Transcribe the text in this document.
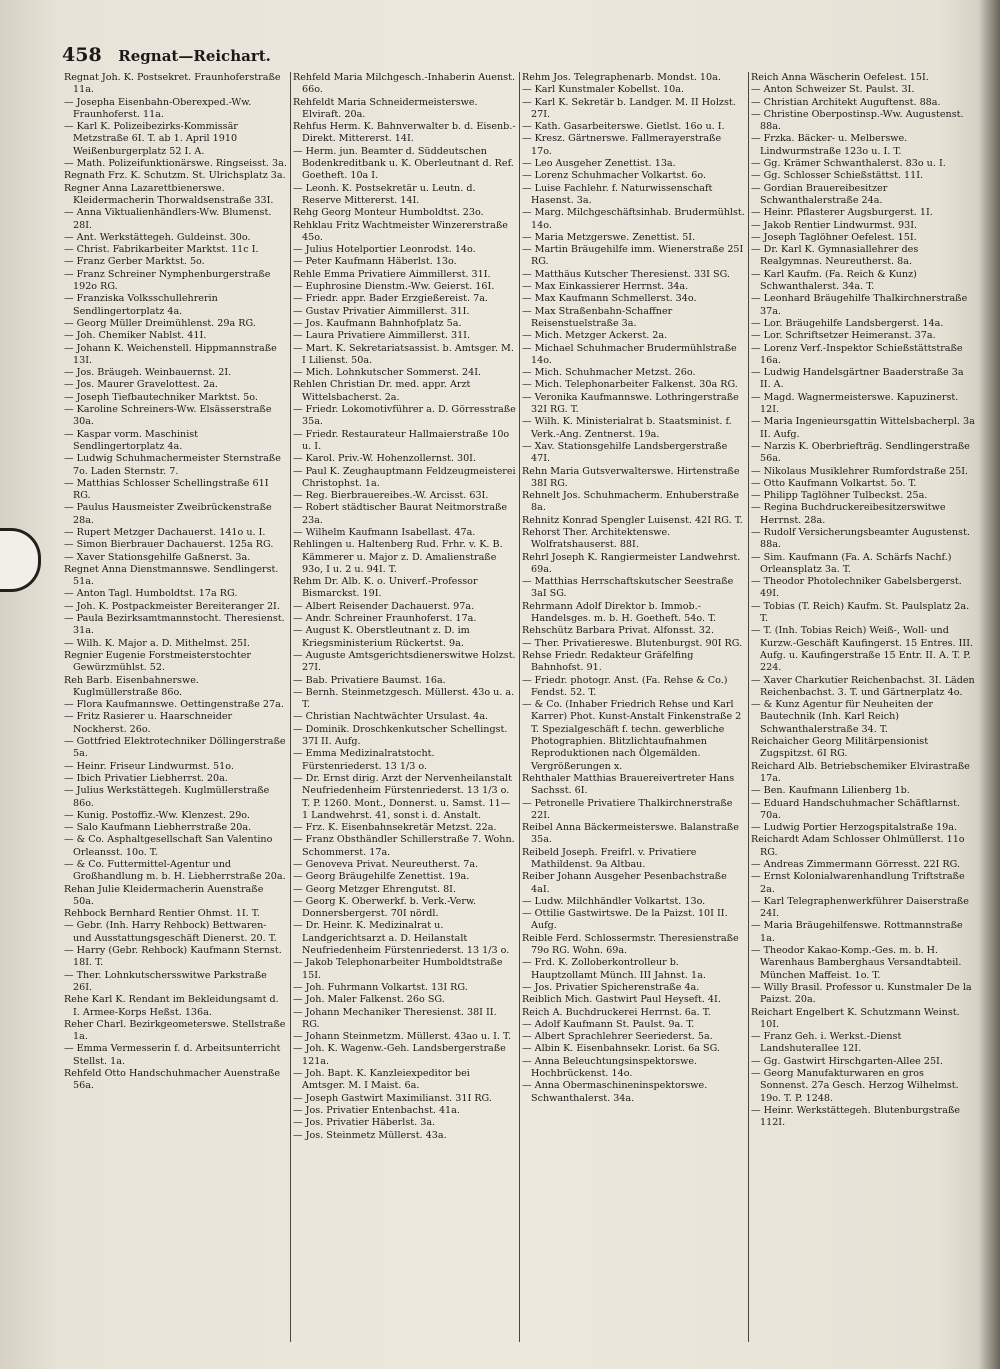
458 Regnat—Reichart.

Regnat Joh. K. Postsekret. Fraunhoferstraße 11a.

— Josepha Eisenbahn-Oberexped.-Ww. Fraunhoferst. 11a.

— Karl K. Polizeibezirks-Kommissär Metzstraße 6I. T. ab 1. April 1910 Weißenburgerplatz 52 I. A.

— Math. Polizeifunktionärswe. Ringseisst. 3a.

Regnath Frz. K. Schutzm. St. Ulrichsplatz 3a.

Regner Anna Lazarettbienerswe. Kleidermacherin Thorwaldsenstraße 33I.

— Anna Viktualienhändlers-Ww. Blumenst. 28I.

— Ant. Werkstättegeh. Guldeinst. 30o.

— Christ. Fabrikarbeiter Marktst. 11c I.

— Franz Gerber Marktst. 5o.

— Franz Schreiner Nymphenburgerstraße 192o RG.

— Franziska Volksschullehrerin Sendlingertorplatz 4a.

— Georg Müller Dreimühlenst. 29a RG.

— Joh. Chemiker Nablst. 41I.

— Johann K. Weichenstell. Hippmannstraße 13I.

— Jos. Bräugeh. Weinbauernst. 2I.

— Jos. Maurer Gravelottest. 2a.

— Joseph Tiefbautechniker Marktst. 5o.

— Karoline Schreiners-Ww. Elsässerstraße 30a.

— Kaspar vorm. Maschinist Sendlingertorplatz 4a.

— Ludwig Schuhmachermeister Sternstraße 7o. Laden Sternstr. 7.

— Matthias Schlosser Schellingstraße 61I RG.

— Paulus Hausmeister Zweibrückenstraße 28a.

— Rupert Metzger Dachauerst. 141o u. I.

— Simon Bierbrauer Dachauerst. 125a RG.

— Xaver Stationsgehilfe Gaßnerst. 3a.

Regnet Anna Dienstmannswe. Sendlingerst. 51a.

— Anton Tagl. Humboldtst. 17a RG.

— Joh. K. Postpackmeister Bereiteranger 2I.

— Paula Bezirksamtmannstocht. Theresienst. 31a.

— Wilh. K. Major a. D. Mithelmst. 25I.

Regnier Eugenie Forstmeisterstochter Gewürzmühlst. 52.

Reh Barb. Eisenbahnerswe. Kuglmüllerstraße 86o.

— Flora Kaufmannswe. Oettingenstraße 27a.

— Fritz Rasierer u. Haarschneider Nockherst. 26o.

— Gottfried Elektrotechniker Döllingerstraße 5a.

— Heinr. Friseur Lindwurmst. 51o.

— Ibich Privatier Liebherrst. 20a.

— Julius Werkstättegeh. Kuglmüllerstraße 86o.

— Kunig. Postoffiz.-Ww. Klenzest. 29o.

— Salo Kaufmann Liebherrstraße 20a.

— & Co. Asphaltgesellschaft San Valentino Orleansst. 10o. T.

— & Co. Futtermittel-Agentur und Großhandlung m. b. H. Liebherrstraße 20a.

Rehan Julie Kleidermacherin Auenstraße 50a.

Rehbock Bernhard Rentier Ohmst. 1I. T.

— Gebr. (Inh. Harry Rehbock) Bettwaren- und Ausstattungsgeschäft Dienerst. 20. T.

— Harry (Gebr. Rehbock) Kaufmann Sternst. 18I. T.

— Ther. Lohnkutschersswitwe Parkstraße 26I.

Rehe Karl K. Rendant im Bekleidungsamt d. I. Armee-Korps Heßst. 136a.

Reher Charl. Bezirkgeometerswe. Stellstraße 1a.

— Emma Vermesserin f. d. Arbeitsunterricht Stellst. 1a.

Rehfeld Otto Handschuhmacher Auenstraße 56a.

Rehfeld Maria Milchgesch.-Inhaberin Auenst. 66o.

Rehfeldt Maria Schneidermeisterswe. Elviraft. 20a.

Rehfus Herm. K. Bahnverwalter b. d. Eisenb.-Direkt. Mittererst. 14I.

— Herm. jun. Beamter d. Süddeutschen Bodenkreditbank u. K. Oberleutnant d. Ref. Goetheft. 10a I.

— Leonh. K. Postsekretär u. Leutn. d. Reserve Mittererst. 14I.

Rehg Georg Monteur Humboldtst. 23o.

Rehklau Fritz Wachtmeister Winzererstraße 45o.

— Julius Hotelportier Leonrodst. 14o.

— Peter Kaufmann Häberlst. 13o.

Rehle Emma Privatiere Aimmillerst. 31I.

— Euphrosine Dienstm.-Ww. Geierst. 16I.

— Friedr. appr. Bader Erzgießereist. 7a.

— Gustav Privatier Aimmillerst. 31I.

— Jos. Kaufmann Bahnhofplatz 5a.

— Laura Privatiere Aimmillerst. 31I.

— Mart. K. Sekretariatsassist. b. Amtsger. M. I Lilienst. 50a.

— Mich. Lohnkutscher Sommerst. 24I.

Rehlen Christian Dr. med. appr. Arzt Wittelsbacherst. 2a.

— Friedr. Lokomotivführer a. D. Görresstraße 35a.

— Friedr. Restaurateur Hallmaierstraße 10o u. I.

— Karol. Priv.-W. Hohenzollernst. 30I.

— Paul K. Zeughauptmann Feldzeugmeisterei Christophst. 1a.

— Reg. Bierbrauereibes.-W. Arcisst. 63I.

— Robert städtischer Baurat Neitmorstraße 23a.

— Wilhelm Kaufmann Isabellast. 47a.

Rehlingen u. Haltenberg Rud. Frhr. v. K. B. Kämmerer u. Major z. D. Amalienstraße 93o, I u. 2 u. 94I. T.

Rehm Dr. Alb. K. o. Univerf.-Professor Bismarckst. 19I.

— Albert Reisender Dachauerst. 97a.

— Andr. Schreiner Fraunhoferst. 17a.

— August K. Oberstleutnant z. D. im Kriegsministerium Rückertst. 9a.

— Auguste Amtsgerichtsdienerswitwe Holzst. 27I.

— Bab. Privatiere Baumst. 16a.

— Bernh. Steinmetzgesch. Müllerst. 43o u. a. T.

— Christian Nachtwächter Ursulast. 4a.

— Dominik. Droschkenkutscher Schellingst. 37I II. Aufg.

— Emma Medizinalratstocht. Fürstenriederst. 13 1/3 o.

— Dr. Ernst dirig. Arzt der Nervenheilanstalt Neufriedenheim Fürstenriederst. 13 1/3 o. T. P. 1260. Mont., Donnerst. u. Samst. 11—1 Landwehrst. 41, sonst i. d. Anstalt.

— Frz. K. Eisenbahnsekretär Metzst. 22a.

— Franz Obsthändler Schillerstraße 7. Wohn. Schommerst. 17a.

— Genoveva Privat. Neureutherst. 7a.

— Georg Bräugehilfe Zenettist. 19a.

— Georg Metzger Ehrengutst. 8I.

— Georg K. Oberwerkf. b. Verk.-Verw. Donnersbergerst. 70I nördl.

— Dr. Heinr. K. Medizinalrat u. Landgerichtsarzt a. D. Heilanstalt Neufriedenheim Fürstenriederst. 13 1/3 o.

— Jakob Telephonarbeiter Humboldtstraße 15I.

— Joh. Fuhrmann Volkartst. 13I RG.

— Joh. Maler Falkenst. 26o SG.

— Johann Mechaniker Theresienst. 38I II. RG.

— Johann Steinmetzm. Müllerst. 43ao u. I. T.

— Joh. K. Wagenw.-Geh. Landsbergerstraße 121a.

— Joh. Bapt. K. Kanzleiexpeditor bei Amtsger. M. I Maist. 6a.

— Joseph Gastwirt Maximilianst. 31I RG.

— Jos. Privatier Entenbachst. 41a.

— Jos. Privatier Häberlst. 3a.

— Jos. Steinmetz Müllerst. 43a.

Rehm Jos. Telegraphenarb. Mondst. 10a.

— Karl Kunstmaler Kobellst. 10a.

— Karl K. Sekretär b. Landger. M. II Holzst. 27I.

— Kath. Gasarbeiterswe. Gietlst. 16o u. I.

— Kresz. Gärtnerswe. Fallmerayerstraße 17o.

— Leo Ausgeher Zenettist. 13a.

— Lorenz Schuhmacher Volkartst. 6o.

— Luise Fachlehr. f. Naturwissenschaft Hasenst. 3a.

— Marg. Milchgeschäftsinhab. Brudermühlst. 14o.

— Maria Metzgerswe. Zenettist. 5I.

— Martin Bräugehilfe imm. Wienerstraße 25I RG.

— Matthäus Kutscher Theresienst. 33I SG.

— Max Einkassierer Herrnst. 34a.

— Max Kaufmann Schmellerst. 34o.

— Max Straßenbahn-Schaffner Reisenstuelstraße 3a.

— Mich. Metzger Ackerst. 2a.

— Michael Schuhmacher Brudermühlstraße 14o.

— Mich. Schuhmacher Metzst. 26o.

— Mich. Telephonarbeiter Falkenst. 30a RG.

— Veronika Kaufmannswe. Lothringerstraße 32I RG. T.

— Wilh. K. Ministerialrat b. Staatsminist. f. Verk.-Ang. Zentnerst. 19a.

— Xav. Stationsgehilfe Landsbergerstraße 47I.

Rehn Maria Gutsverwalterswe. Hirtenstraße 38I RG.

Rehnelt Jos. Schuhmacherm. Enhuberstraße 8a.

Rehnitz Konrad Spengler Luisenst. 42I RG. T.

Rehorst Ther. Architektenswe. Wolfratshauserst. 88I.

Rehrl Joseph K. Rangiermeister Landwehrst. 69a.

— Matthias Herrschaftskutscher Seestraße 3aI SG.

Rehrmann Adolf Direktor b. Immob.-Handelsges. m. b. H. Goetheft. 54o. T.

Rehschütz Barbara Privat. Alfonsst. 32.

— Ther. Privatiereswe. Blutenburgst. 90I RG.

Rehse Friedr. Redakteur Gräfelfing Bahnhofst. 91.

— Friedr. photogr. Anst. (Fa. Rehse & Co.) Fendst. 52. T.

— & Co. (Inhaber Friedrich Rehse und Karl Karrer) Phot. Kunst-Anstalt Finkenstraße 2 T. Spezialgeschäft f. techn. gewerbliche Photographien. Blitzlichtaufnahmen Reproduktionen nach Ölgemälden. Vergrößerungen x.

Rehthaler Matthias Brauereivertreter Hans Sachsst. 6I.

— Petronelle Privatiere Thalkirchnerstraße 22I.

Reibel Anna Bäckermeisterswe. Balanstraße 35a.

Reibeld Joseph. Freifrl. v. Privatiere Mathildenst. 9a Altbau.

Reiber Johann Ausgeher Pesenbachstraße 4aI.

— Ludw. Milchhändler Volkartst. 13o.

— Ottilie Gastwirtswe. De la Paizst. 10I II. Aufg.

Reible Ferd. Schlossermstr. Theresienstraße 79o RG. Wohn. 69a.

— Frd. K. Zolloberkontrolleur b. Hauptzollamt Münch. III Jahnst. 1a.

— Jos. Privatier Spicherenstraße 4a.

Reiblich Mich. Gastwirt Paul Heyseft. 4I.

Reich A. Buchdruckerei Herrnst. 6a. T.

— Adolf Kaufmann St. Paulst. 9a. T.

— Albert Sprachlehrer Seeriederst. 5a.

— Albin K. Eisenbahnsekr. Lorist. 6a SG.

— Anna Beleuchtungsinspektorswe. Hochbrückenst. 14o.

— Anna Obermaschineninspektorswe. Schwanthalerst. 34a.

Reich Anna Wäscherin Oefelest. 15I.

— Anton Schweizer St. Paulst. 3I.

— Christian Architekt Auguftenst. 88a.

— Christine Oberpostinsp.-Ww. Augustenst. 88a.

— Frzka. Bäcker- u. Melberswe. Lindwurmstraße 123o u. I. T.

— Gg. Krämer Schwanthalerst. 83o u. I.

— Gg. Schlosser Schießstättst. 11I.

— Gordian Brauereibesitzer Schwanthalerstraße 24a.

— Heinr. Pflasterer Augsburgerst. 1I.

— Jakob Rentier Lindwurmst. 93I.

— Joseph Taglöhner Oefelest. 15I.

— Dr. Karl K. Gymnasiallehrer des Realgymnas. Neureutherst. 8a.

— Karl Kaufm. (Fa. Reich & Kunz) Schwanthalerst. 34a. T.

— Leonhard Bräugehilfe Thalkirchnerstraße 37a.

— Lor. Bräugehilfe Landsbergerst. 14a.

— Lor. Schriftsetzer Heimeranst. 37a.

— Lorenz Verf.-Inspektor Schießstättstraße 16a.

— Ludwig Handelsgärtner Baaderstraße 3a II. A.

— Magd. Wagnermeisterswe. Kapuzinerst. 12I.

— Maria Ingenieursgattin Wittelsbacherpl. 3a II. Aufg.

— Narzis K. Oberbriefträg. Sendlingerstraße 56a.

— Nikolaus Musiklehrer Rumfordstraße 25I.

— Otto Kaufmann Volkartst. 5o. T.

— Philipp Taglöhner Tulbeckst. 25a.

— Regina Buchdruckereibesitzerswitwe Herrnst. 28a.

— Rudolf Versicherungsbeamter Augustenst. 88a.

— Sim. Kaufmann (Fa. A. Schärfs Nachf.) Orleansplatz 3a. T.

— Theodor Photolechniker Gabelsbergerst. 49I.

— Tobias (T. Reich) Kaufm. St. Paulsplatz 2a. T.

— T. (Inh. Tobias Reich) Weiß-, Woll- und Kurzw.-Geschäft Kaufingerst. 15 Entres. III. Aufg. u. Kaufingerstraße 15 Entr. II. A. T. P. 224.

— Xaver Charkutier Reichenbachst. 3I. Läden Reichenbachst. 3. T. und Gärtnerplatz 4o.

— & Kunz Agentur für Neuheiten der Bautechnik (Inh. Karl Reich) Schwanthalerstraße 34. T.

Reichaicher Georg Militärpensionist Zugspitzst. 6I RG.

Reichard Alb. Betriebschemiker Elvirastraße 17a.

— Ben. Kaufmann Lilienberg 1b.

— Eduard Handschuhmacher Schäftlarnst. 70a.

— Ludwig Portier Herzogspitalstraße 19a.

Reichardt Adam Schlosser Ohlmüllerst. 11o RG.

— Andreas Zimmermann Görresst. 22I RG.

— Ernst Kolonialwarenhandlung Triftstraße 2a.

— Karl Telegraphenwerkführer Daiserstraße 24I.

— Maria Bräugehilfenswe. Rottmannstraße 1a.

— Theodor Kakao-Komp.-Ges. m. b. H. Warenhaus Bamberghaus Versandtabteil. München Maffeist. 1o. T.

— Willy Brasil. Professor u. Kunstmaler De la Paizst. 20a.

Reichart Engelbert K. Schutzmann Weinst. 10I.

— Franz Geh. i. Werkst.-Dienst Landshuterallee 12I.

— Gg. Gastwirt Hirschgarten-Allee 25I.

— Georg Manufakturwaren en gros Sonnenst. 27a Gesch. Herzog Wilhelmst. 19o. T. P. 1248.

— Heinr. Werkstättegeh. Blutenburgstraße 112I.
